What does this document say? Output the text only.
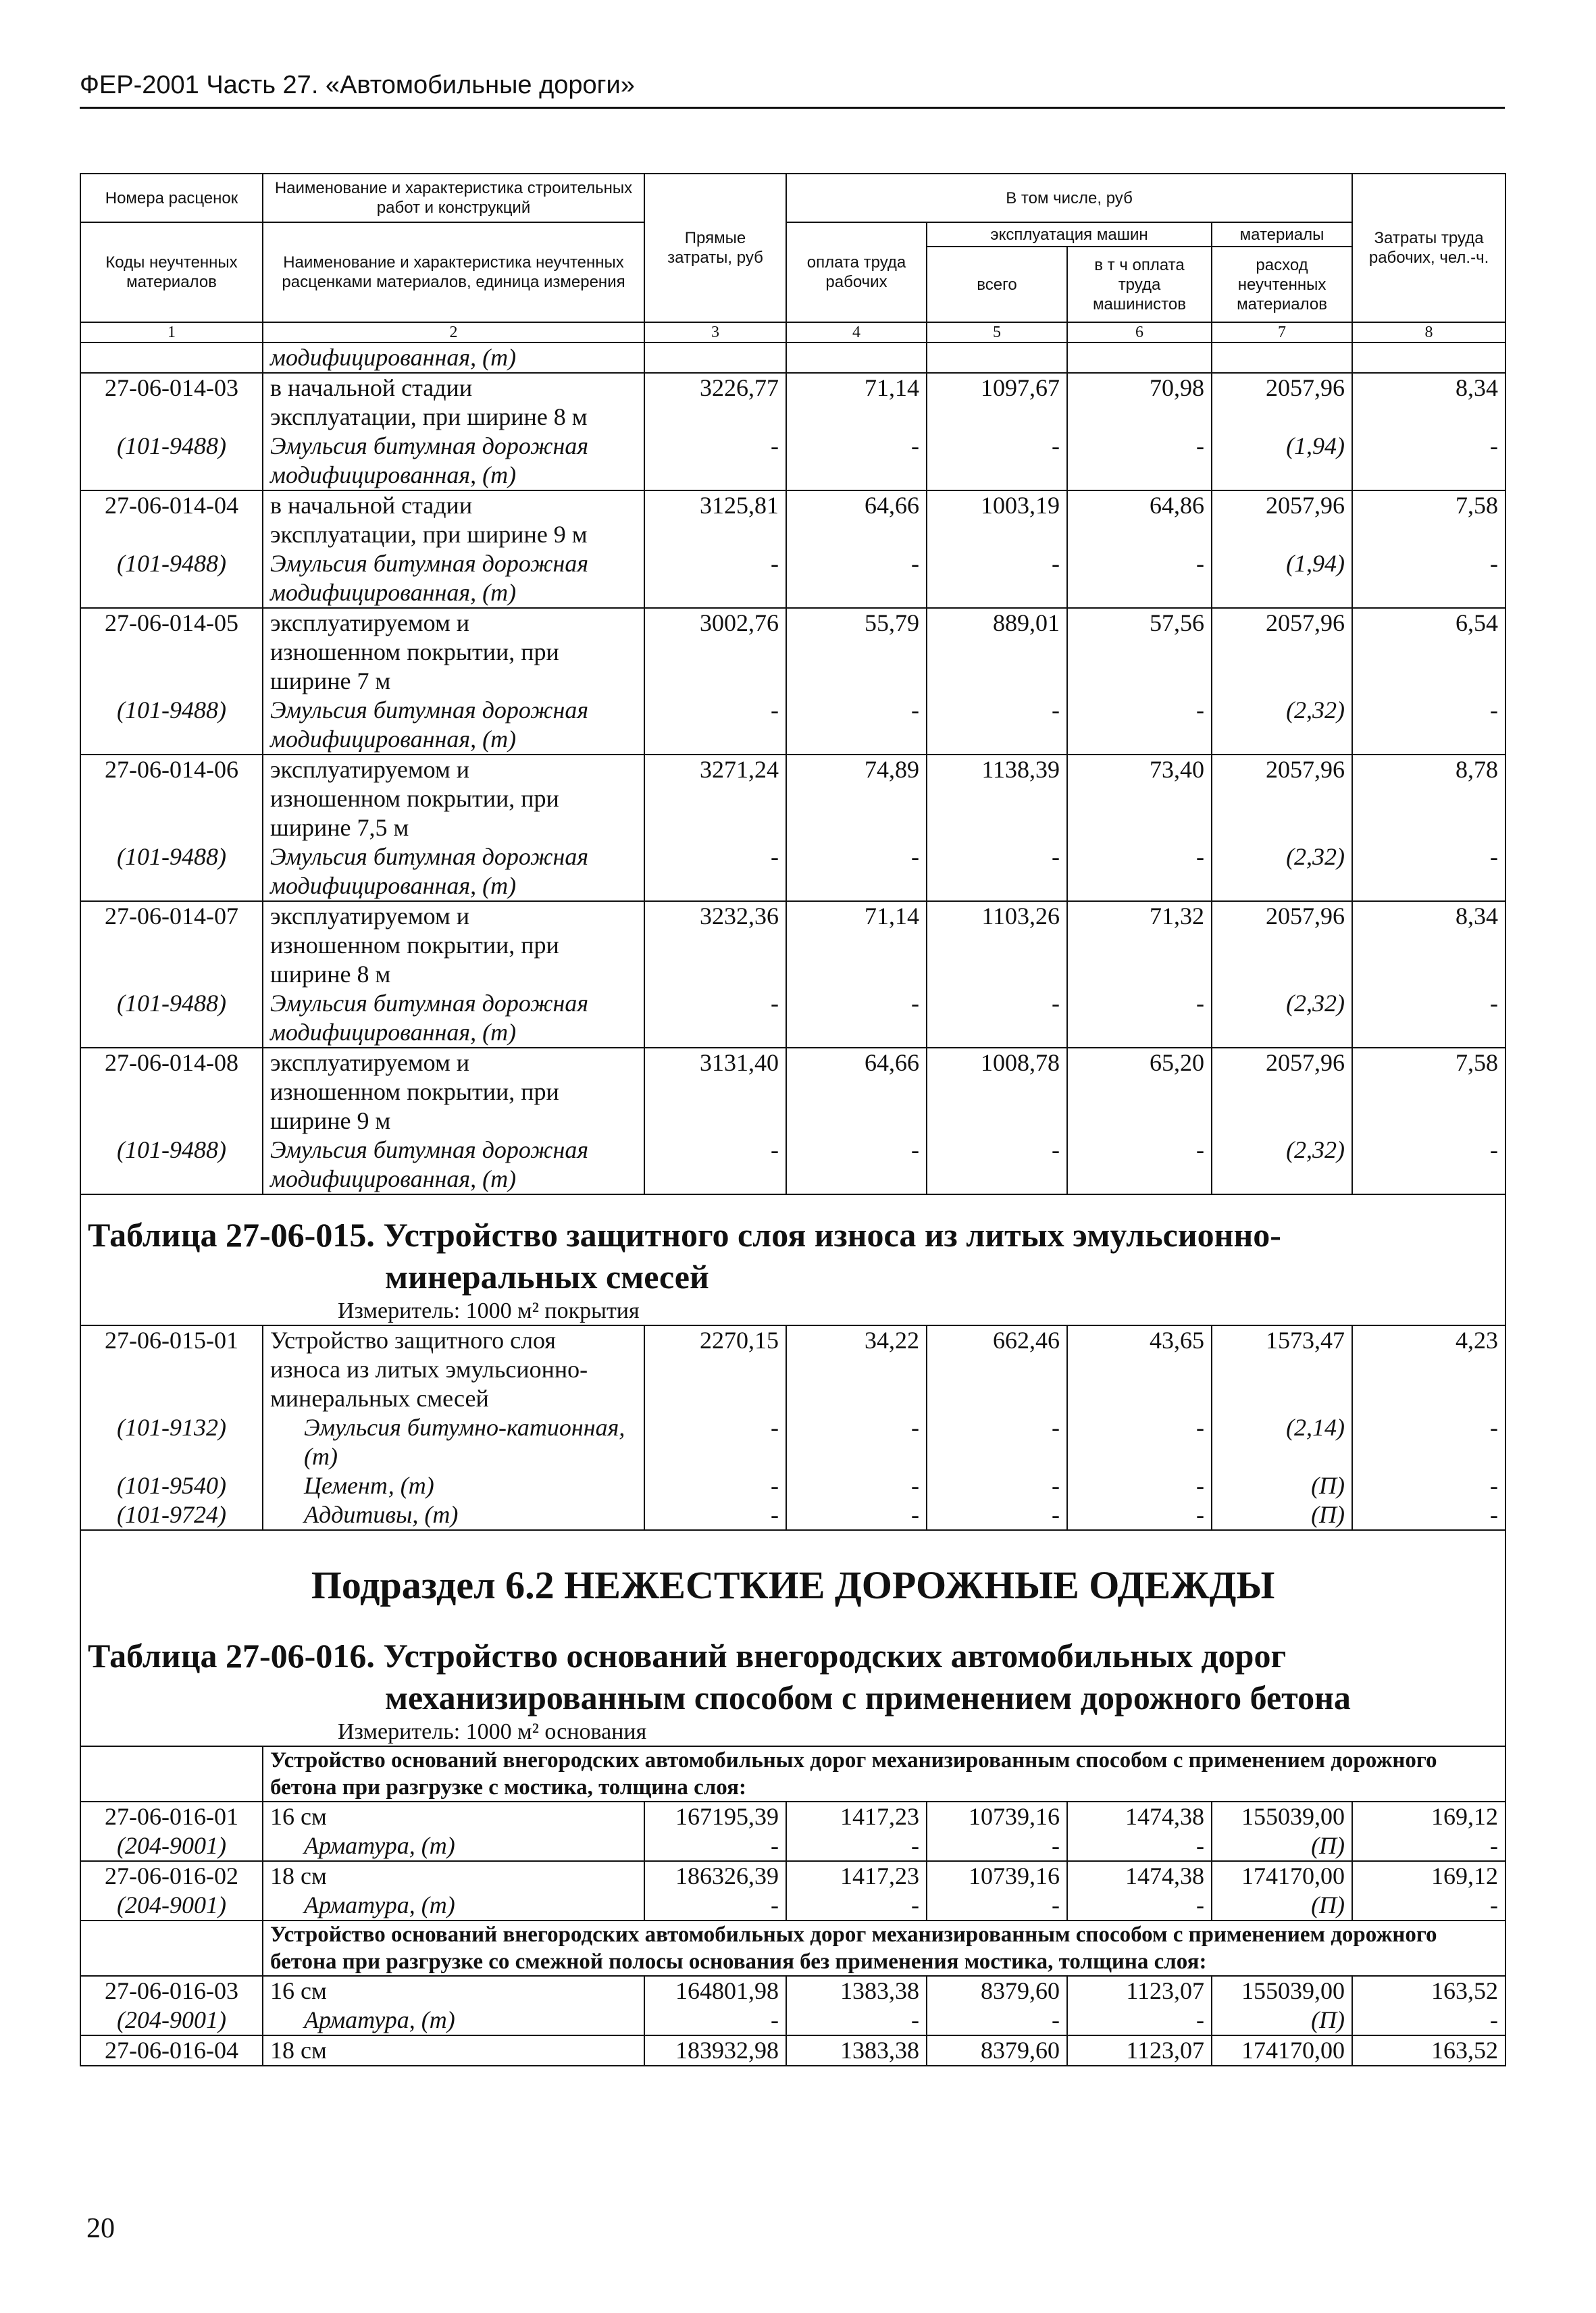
ФЕР-2001 Часть 27. «Автомобильные дороги»
Номера расценок	Наименование и характеристика строительных работ и конструкций	Прямые затраты, руб	В том числе, руб				Затраты труда рабочих, чел.-ч.
Коды неучтенных материалов	Наименование и характеристика неучтенных расценками материалов, единица измерения		оплата труда рабочих	эксплуатация машин		материалы	
				всего	в т ч оплата труда машинистов	расход неучтенных материалов	
1	2	3	4	5	6	7	8
	модифицированная, (т)						
27-06-014-03	в начальной стадии
эксплуатации, при ширине 8 м	3226,77	71,14	1097,67	70,98	2057,96	8,34
(101-9488)	Эмульсия битумная дорожная
модифицированная, (т)	-	-	-	-	(1,94)	-
27-06-014-04	в начальной стадии
эксплуатации, при ширине 9 м	3125,81	64,66	1003,19	64,86	2057,96	7,58
(101-9488)	Эмульсия битумная дорожная
модифицированная, (т)	-	-	-	-	(1,94)	-
27-06-014-05	эксплуатируемом и
изношенном покрытии, при
ширине 7 м	3002,76	55,79	889,01	57,56	2057,96	6,54
(101-9488)	Эмульсия битумная дорожная
модифицированная, (т)	-	-	-	-	(2,32)	-
27-06-014-06	эксплуатируемом и
изношенном покрытии, при
ширине 7,5 м	3271,24	74,89	1138,39	73,40	2057,96	8,78
(101-9488)	Эмульсия битумная дорожная
модифицированная, (т)	-	-	-	-	(2,32)	-
27-06-014-07	эксплуатируемом и
изношенном покрытии, при
ширине 8 м	3232,36	71,14	1103,26	71,32	2057,96	8,34
(101-9488)	Эмульсия битумная дорожная
модифицированная, (т)	-	-	-	-	(2,32)	-
27-06-014-08	эксплуатируемом и
изношенном покрытии, при
ширине 9 м	3131,40	64,66	1008,78	65,20	2057,96	7,58
(101-9488)	Эмульсия битумная дорожная
модифицированная, (т)	-	-	-	-	(2,32)	-
Таблица 27-06-015. Устройство защитного слоя износа из литых эмульсионно-
минеральных смесей							

Измеритель: 1000 м² покрытия							
27-06-015-01	Устройство защитного слоя
износа из литых эмульсионно-
минеральных смесей	2270,15	34,22	662,46	43,65	1573,47	4,23
(101-9132)	Эмульсия битумно-катионная,
(т)	-	-	-	-	(2,14)	-
(101-9540)	Цемент, (т)	-	-	-	-	(П)	-
(101-9724)	Аддитивы, (т)	-	-	-	-	(П)	-
Подраздел 6.2 НЕЖЕСТКИЕ ДОРОЖНЫЕ ОДЕЖДЫ							
Таблица 27-06-016. Устройство оснований внегородских автомобильных дорог
механизированным способом с применением дорожного бетона							

Измеритель: 1000 м² основания							
	Устройство оснований внегородских автомобильных дорог механизированным способом с применением дорожного бетона при разгрузке с мостика, толщина слоя:						
27-06-016-01	16 см	167195,39	1417,23	10739,16	1474,38	155039,00	169,12
(204-9001)	Арматура, (т)	-	-	-	-	(П)	-
27-06-016-02	18 см	186326,39	1417,23	10739,16	1474,38	174170,00	169,12
(204-9001)	Арматура, (т)	-	-	-	-	(П)	-
	Устройство оснований внегородских автомобильных дорог механизированным способом с применением дорожного бетона при разгрузке со смежной полосы основания без применения мостика, толщина слоя:						
27-06-016-03	16 см	164801,98	1383,38	8379,60	1123,07	155039,00	163,52
(204-9001)	Арматура, (т)	-	-	-	-	(П)	-
27-06-016-04	18 см	183932,98	1383,38	8379,60	1123,07	174170,00	163,52
20
